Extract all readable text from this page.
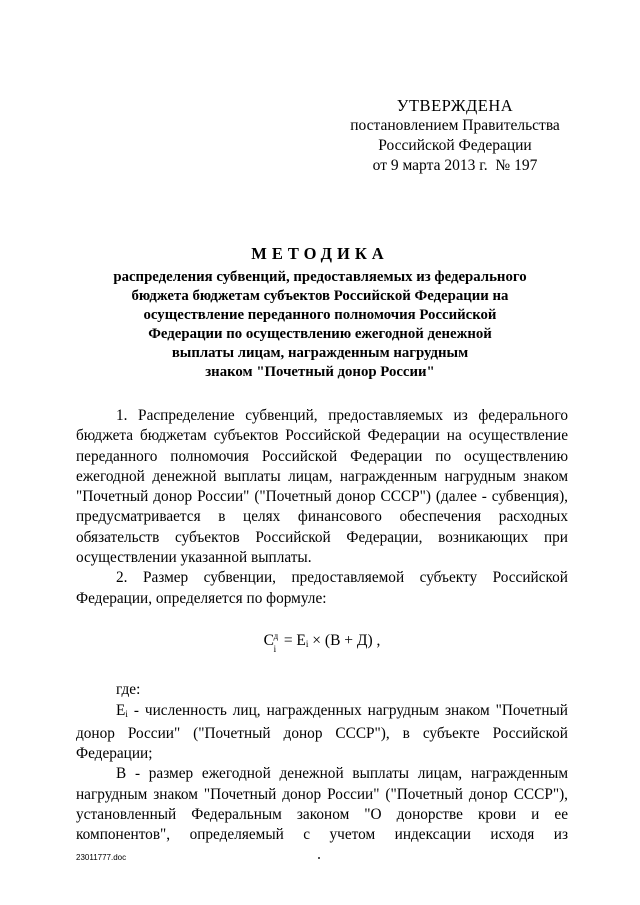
УТВЕРЖДЕНА
постановлением Правительства
Российской Федерации
от 9 марта 2013 г.  № 197
МЕТОДИКА
распределения субвенций, предоставляемых из федерального
бюджета бюджетам субъектов Российской Федерации на
осуществление переданного полномочия Российской
Федерации по осуществлению ежегодной денежной
выплаты лицам, награжденным нагрудным
знаком "Почетный донор России"

1. Распределение субвенций, предоставляемых из федерального бюджета бюджетам субъектов Российской Федерации на осуществление переданного полномочия Российской Федерации по осуществлению ежегодной денежной выплаты лицам, награжденным нагрудным знаком "Почетный донор России" ("Почетный донор СССР") (далее - субвенция), предусматривается в целях финансового обеспечения расходных обязательств субъектов Российской Федерации, возникающих при осуществлении указанной выплаты.

2. Размер субвенции, предоставляемой субъекту Российской Федерации, определяется по формуле:

C д
i = Ei × (B + Д) ,

где:

Ei - численность лиц, награжденных нагрудным знаком "Почетный донор России" ("Почетный донор СССР"), в субъекте Российской Федерации;

В - размер ежегодной денежной выплаты лицам, награжденным нагрудным знаком "Почетный донор России" ("Почетный донор СССР"), установленный Федеральным законом "О донорстве крови и ее компонентов", определяемый с учетом индексации исходя из

23011777.doc
